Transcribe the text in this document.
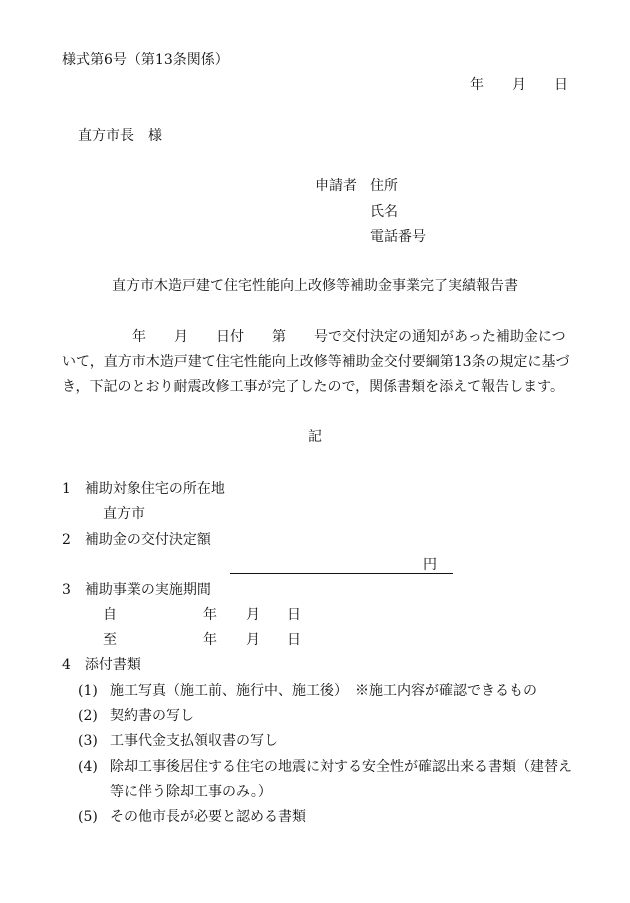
様式第6号（第13条関係）
年　　月　　日
直方市長　様
申請者 住所
氏名
電話番号
直方市木造戸建て住宅性能向上改修等補助金事業完了実績報告書
　　　　　年　　月　　日付　　第　　号で交付決定の通知があった補助金につ
いて，直方市木造戸建て住宅性能向上改修等補助金交付要綱第13条の規定に基づ
き，下記のとおり耐震改修工事が完了したので，関係書類を添えて報告します。
記
1　補助対象住宅の所在地
直方市
2　補助金の交付決定額
円
3　補助事業の実施期間
自	年 月 日
至	年 月 日
4　添付書類
(1) 施工写真（施工前、施行中、施工後）　※施工内容が確認できるもの
(2) 契約書の写し
(3) 工事代金支払領収書の写し
(4) 除却工事後居住する住宅の地震に対する安全性が確認出来る書類（建替え
等に伴う除却工事のみ。）
(5) その他市長が必要と認める書類
